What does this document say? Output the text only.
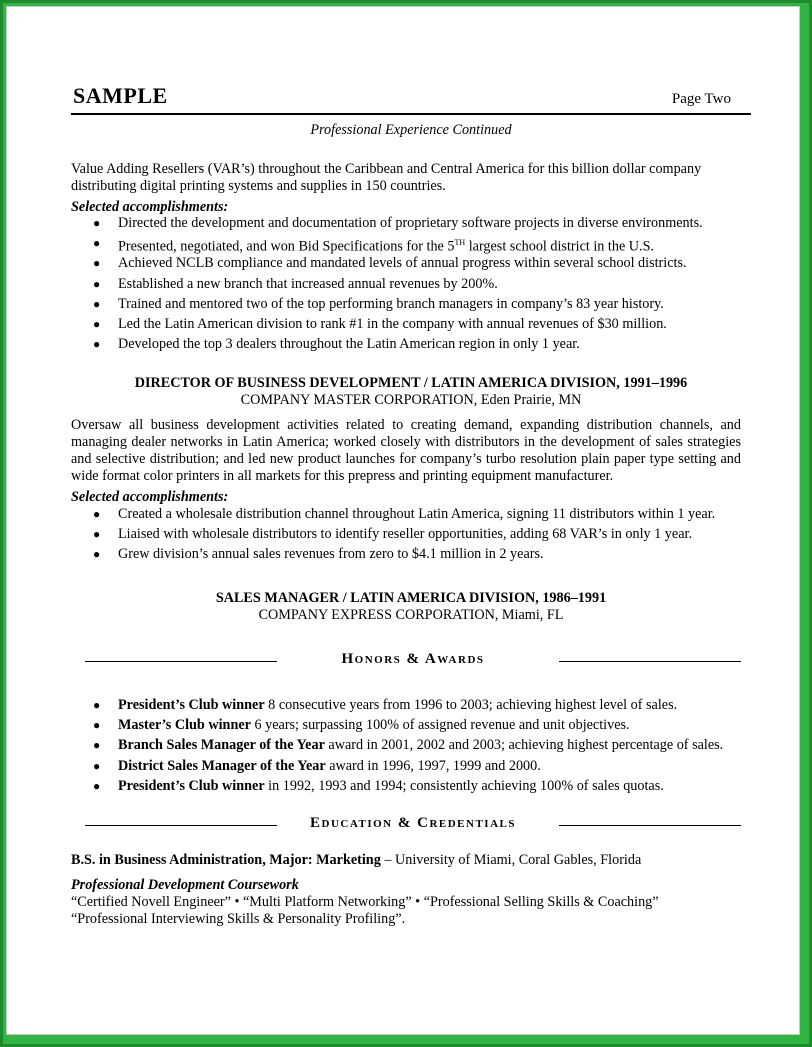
SAMPLE	Page Two
Professional Experience Continued
Value Adding Resellers (VAR’s) throughout the Caribbean and Central America for this billion dollar company distributing digital printing systems and supplies in 150 countries.
Selected accomplishments:
● Directed the development and documentation of proprietary software projects in diverse environments.
● Presented, negotiated, and won Bid Specifications for the 5TH largest school district in the U.S.
● Achieved NCLB compliance and mandated levels of annual progress within several school districts.
● Established a new branch that increased annual revenues by 200%.
● Trained and mentored two of the top performing branch managers in company’s 83 year history.
● Led the Latin American division to rank #1 in the company with annual revenues of $30 million.
● Developed the top 3 dealers throughout the Latin American region in only 1 year.
DIRECTOR OF BUSINESS DEVELOPMENT / LATIN AMERICA DIVISION, 1991–1996
COMPANY MASTER CORPORATION, Eden Prairie, MN
Oversaw all business development activities related to creating demand, expanding distribution channels, and managing dealer networks in Latin America; worked closely with distributors in the development of sales strategies and selective distribution; and led new product launches for company’s turbo resolution plain paper type setting and wide format color printers in all markets for this prepress and printing equipment manufacturer.
Selected accomplishments:
● Created a wholesale distribution channel throughout Latin America, signing 11 distributors within 1 year.
● Liaised with wholesale distributors to identify reseller opportunities, adding 68 VAR’s in only 1 year.
● Grew division’s annual sales revenues from zero to $4.1 million in 2 years.
SALES MANAGER / LATIN AMERICA DIVISION, 1986–1991
COMPANY EXPRESS CORPORATION, Miami, FL
Honors & Awards
● President’s Club winner 8 consecutive years from 1996 to 2003; achieving highest level of sales.
● Master’s Club winner 6 years; surpassing 100% of assigned revenue and unit objectives.
● Branch Sales Manager of the Year award in 2001, 2002 and 2003; achieving highest percentage of sales.
● District Sales Manager of the Year award in 1996, 1997, 1999 and 2000.
● President’s Club winner in 1992, 1993 and 1994; consistently achieving 100% of sales quotas.
Education & Credentials
B.S. in Business Administration, Major: Marketing – University of Miami, Coral Gables, Florida
Professional Development Coursework
“Certified Novell Engineer” • “Multi Platform Networking” • “Professional Selling Skills & Coaching”
“Professional Interviewing Skills & Personality Profiling”.
